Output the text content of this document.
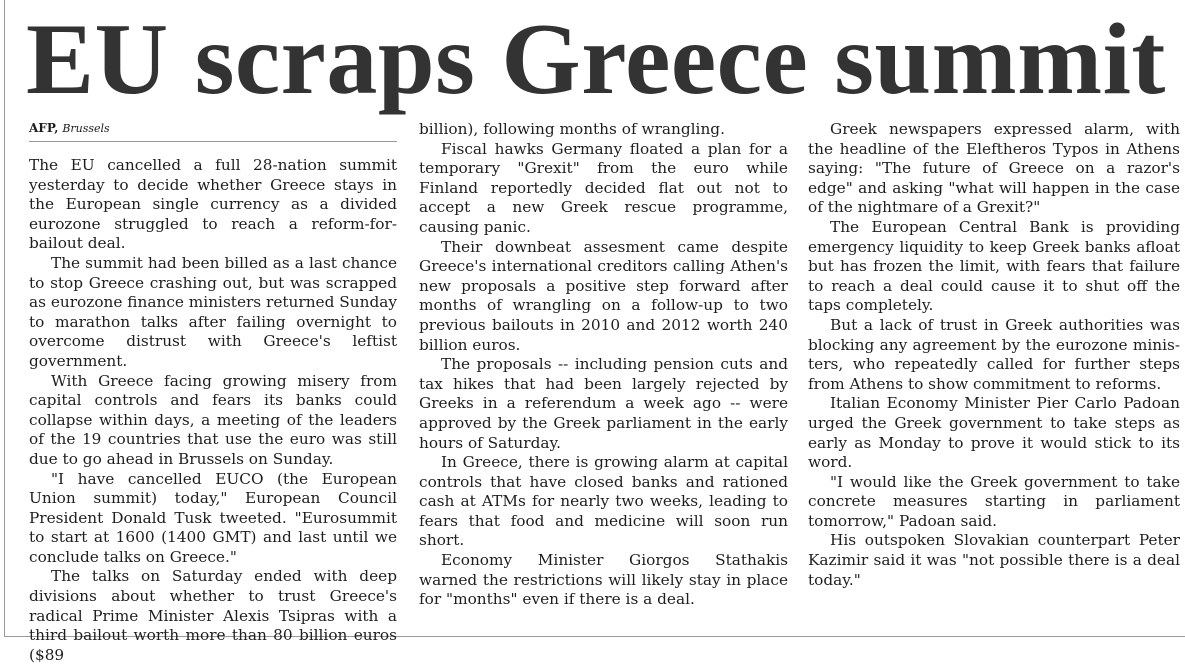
EU scraps Greece summit
AFP, Brussels

The EU cancelled a full 28-nation summit yesterday to decide whether Greece stays in the European single currency as a divided eurozone struggled to reach a reform-for-bailout deal.

The summit had been billed as a last chance to stop Greece crashing out, but was scrapped as eurozone finance ministers returned Sunday to marathon talks after failing overnight to overcome distrust with Greece's leftist government.

With Greece facing growing misery from capital controls and fears its banks could collapse within days, a meeting of the leaders of the 19 countries that use the euro was still due to go ahead in Brussels on Sunday.

"I have cancelled EUCO (the European Union summit) today," European Council President Donald Tusk tweeted. "Eurosummit to start at 1600 (1400 GMT) and last until we conclude talks on Greece."

The talks on Saturday ended with deep divisions about whether to trust Greece's radical Prime Minister Alexis Tsipras with a third bailout worth more than 80 billion euros ($89

billion), following months of wrangling.

Fiscal hawks Germany floated a plan for a temporary "Grexit" from the euro while Finland reportedly decided flat out not to accept a new Greek rescue programme, causing panic.

Their downbeat assesment came despite Greece's international creditors calling Athen's new proposals a positive step forward after months of wrangling on a follow-up to two previous bailouts in 2010 and 2012 worth 240 billion euros.

The proposals -- including pension cuts and tax hikes that had been largely rejected by Greeks in a referendum a week ago -- were approved by the Greek parliament in the early hours of Saturday.

In Greece, there is growing alarm at capital controls that have closed banks and rationed cash at ATMs for nearly two weeks, leading to fears that food and medicine will soon run short.

Economy Minister Giorgos Stathakis warned the restrictions will likely stay in place for "months" even if there is a deal.

Greek newspapers expressed alarm, with the headline of the Eleftheros Typos in Athens saying: "The future of Greece on a razor's edge" and asking "what will happen in the case of the nightmare of a Grexit?"

The European Central Bank is providing emergency liquidity to keep Greek banks afloat but has frozen the limit, with fears that failure to reach a deal could cause it to shut off the taps completely.

But a lack of trust in Greek authorities was blocking any agreement by the eurozone ministers, who repeatedly called for further steps from Athens to show commitment to reforms.

Italian Economy Minister Pier Carlo Padoan urged the Greek government to take steps as early as Monday to prove it would stick to its word.

"I would like the Greek government to take concrete measures starting in parliament tomorrow," Padoan said.

His outspoken Slovakian counterpart Peter Kazimir said it was "not possible there is a deal today."
